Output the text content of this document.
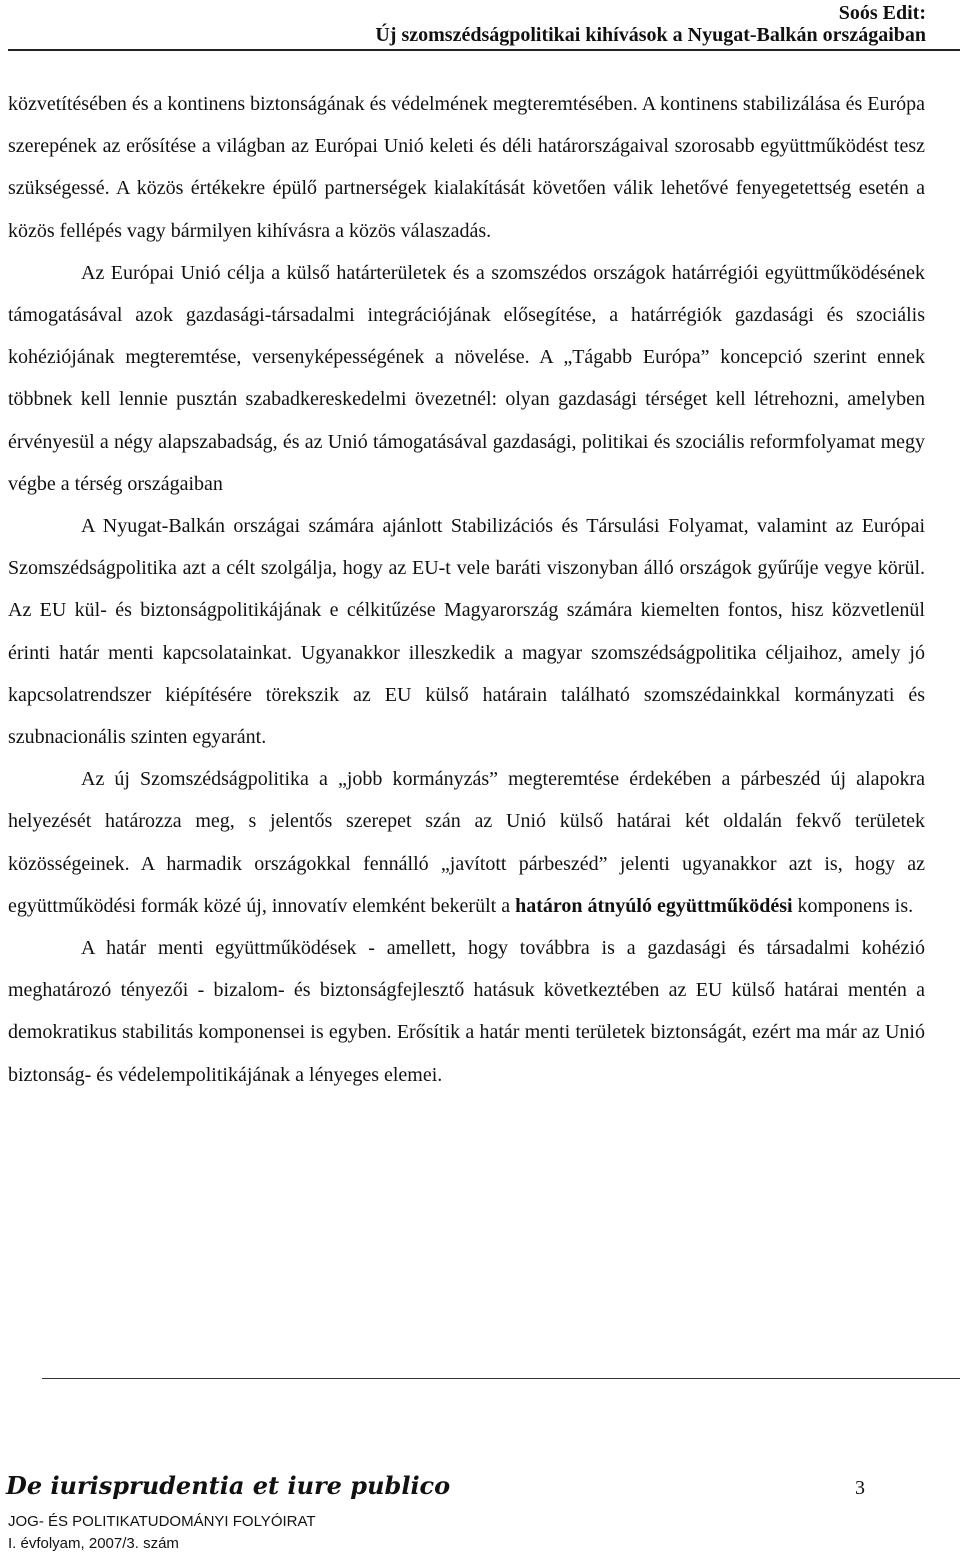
Soós Edit:
Új szomszédságpolitikai kihívások a Nyugat-Balkán országaiban

közvetítésében és a kontinens biztonságának és védelmének megteremtésében. A kontinens stabilizálása és Európa szerepének az erősítése a világban az Európai Unió keleti és déli határországaival szorosabb együttműködést tesz szükségessé. A közös értékekre épülő partnerségek kialakítását követően válik lehetővé fenyegetettség esetén a közös fellépés vagy bármilyen kihívásra a közös válaszadás.

Az Európai Unió célja a külső határterületek és a szomszédos országok határrégiói együttműködésének támogatásával azok gazdasági-társadalmi integrációjának elősegítése, a határrégiók gazdasági és szociális kohéziójának megteremtése, versenyképességének a növelése. A „Tágabb Európa” koncepció szerint ennek többnek kell lennie pusztán szabadkereskedelmi övezetnél: olyan gazdasági térséget kell létrehozni, amelyben érvényesül a négy alapszabadság, és az Unió támogatásával gazdasági, politikai és szociális reformfolyamat megy végbe a térség országaiban

A Nyugat-Balkán országai számára ajánlott Stabilizációs és Társulási Folyamat, valamint az Európai Szomszédságpolitika azt a célt szolgálja, hogy az EU-t vele baráti viszonyban álló országok gyűrűje vegye körül. Az EU kül- és biztonságpolitikájának e célkitűzése Magyarország számára kiemelten fontos, hisz közvetlenül érinti határ menti kapcsolatainkat. Ugyanakkor illeszkedik a magyar szomszédságpolitika céljaihoz, amely jó kapcsolatrendszer kiépítésére törekszik az EU külső határain található szomszédainkkal kormányzati és szubnacionális szinten egyaránt.

Az új Szomszédságpolitika a „jobb kormányzás” megteremtése érdekében a párbeszéd új alapokra helyezését határozza meg, s jelentős szerepet szán az Unió külső határai két oldalán fekvő területek közösségeinek. A harmadik országokkal fennálló „javított párbeszéd” jelenti ugyanakkor azt is, hogy az együttműködési formák közé új, innovatív elemként bekerült a határon átnyúló együttműködési komponens is.

A határ menti együttműködések - amellett, hogy továbbra is a gazdasági és társadalmi kohézió meghatározó tényezői - bizalom- és biztonságfejlesztő hatásuk következtében az EU külső határai mentén a demokratikus stabilitás komponensei is egyben. Erősítik a határ menti területek biztonságát, ezért ma már az Unió biztonság- és védelempolitikájának a lényeges elemei.

De iurisprudentia et iure publico
JOG- ÉS POLITIKATUDOMÁNYI FOLYÓIRAT
I. évfolyam, 2007/3. szám
3
